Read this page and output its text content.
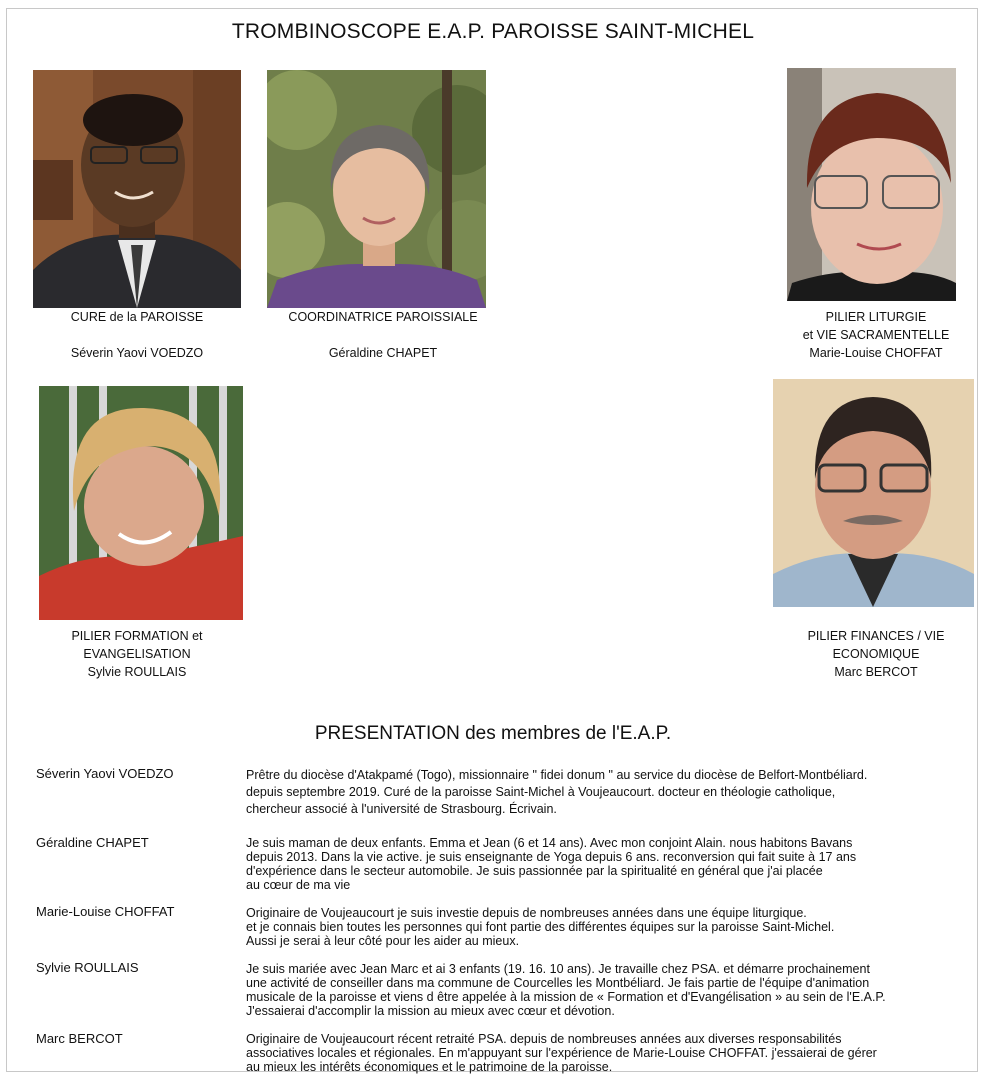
TROMBINOSCOPE E.A.P. PAROISSE SAINT-MICHEL
CURE de la PAROISSE

Séverin Yaovi VOEDZO
COORDINATRICE PAROISSIALE

Géraldine CHAPET
PILIER LITURGIE
et VIE SACRAMENTELLE
Marie-Louise CHOFFAT
PILIER FORMATION et
EVANGELISATION
Sylvie ROULLAIS
PILIER FINANCES / VIE
ECONOMIQUE
Marc BERCOT
PRESENTATION des membres de l'E.A.P.
Séverin Yaovi VOEDZO	Prêtre du diocèse d'Atakpamé (Togo), missionnaire " fidei donum " au service du diocèse de Belfort-Montbéliard.
depuis septembre 2019. Curé de la paroisse Saint-Michel à Voujeaucourt. docteur en théologie catholique,
chercheur associé à l'université de Strasbourg. Écrivain.
Géraldine CHAPET	Je suis maman de deux enfants. Emma et Jean (6 et 14 ans). Avec mon conjoint Alain. nous habitons Bavans
depuis 2013. Dans la vie active. je suis enseignante de Yoga depuis 6 ans. reconversion qui fait suite à 17 ans
d'expérience dans le secteur automobile. Je suis passionnée par la spiritualité en général que j'ai placée
au cœur de ma vie
Marie-Louise CHOFFAT	Originaire de Voujeaucourt je suis investie depuis de nombreuses années dans une équipe liturgique.
et je connais bien toutes les personnes qui font partie des différentes équipes sur la paroisse Saint-Michel.
Aussi je serai à leur côté pour les aider au mieux.
Sylvie ROULLAIS	Je suis mariée avec Jean Marc et ai 3 enfants (19. 16. 10 ans). Je travaille chez PSA. et démarre prochainement
une activité de conseiller dans ma commune de Courcelles les Montbéliard. Je fais partie de l'équipe d'animation
musicale de la paroisse et viens d être appelée à la mission de « Formation et d'Evangélisation » au sein de l'E.A.P.
J'essaierai d'accomplir la mission au mieux avec cœur et dévotion.
Marc BERCOT	Originaire de Voujeaucourt récent retraité PSA. depuis de nombreuses années aux diverses responsabilités
associatives locales et régionales. En m'appuyant sur l'expérience de Marie-Louise CHOFFAT. j'essaierai de gérer
au mieux les intérêts économiques et le patrimoine de la paroisse.
